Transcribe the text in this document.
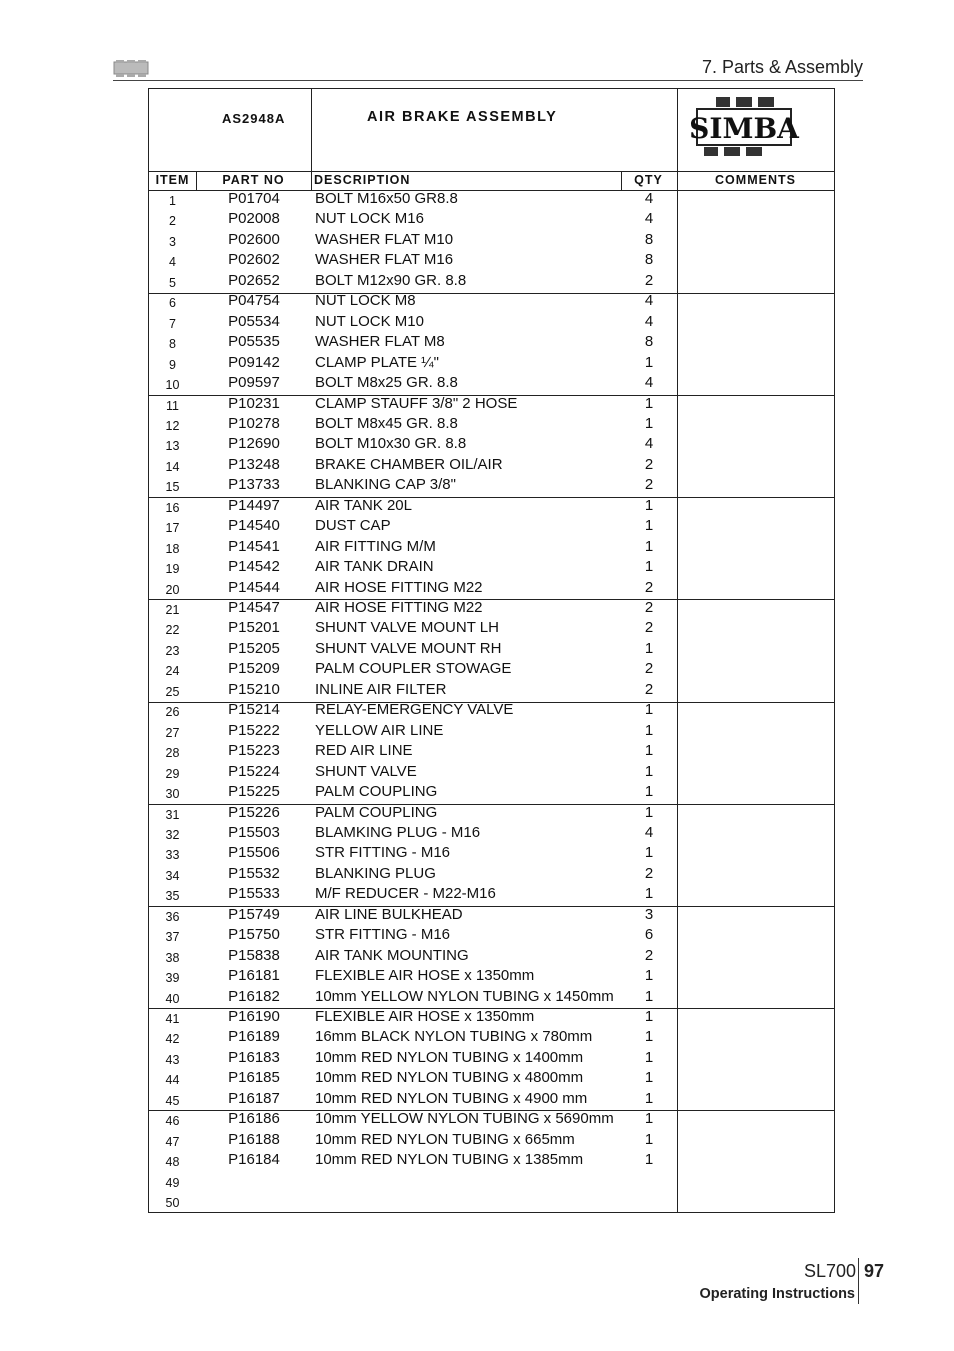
7. Parts & Assembly
AS2948A	AIR BRAKE ASSEMBLY	SIMBA
ITEM	PART NO	DESCRIPTION	QTY	COMMENTS
1	P01704	BOLT M16x50 GR8.8	4
2	P02008	NUT LOCK M16	4
3	P02600	WASHER FLAT M10	8
4	P02602	WASHER FLAT M16	8
5	P02652	BOLT M12x90 GR. 8.8	2
6	P04754	NUT LOCK M8	4
7	P05534	NUT LOCK M10	4
8	P05535	WASHER FLAT M8	8
9	P09142	CLAMP PLATE ¼"	1
10	P09597	BOLT M8x25 GR. 8.8	4
11	P10231	CLAMP STAUFF 3/8" 2 HOSE	1
12	P10278	BOLT M8x45 GR. 8.8	1
13	P12690	BOLT M10x30 GR. 8.8	4
14	P13248	BRAKE CHAMBER OIL/AIR	2
15	P13733	BLANKING CAP 3/8"	2
16	P14497	AIR TANK 20L	1
17	P14540	DUST CAP	1
18	P14541	AIR FITTING M/M	1
19	P14542	AIR TANK DRAIN	1
20	P14544	AIR HOSE FITTING M22	2
21	P14547	AIR HOSE FITTING M22	2
22	P15201	SHUNT VALVE MOUNT LH	2
23	P15205	SHUNT VALVE MOUNT RH	1
24	P15209	PALM COUPLER STOWAGE	2
25	P15210	INLINE AIR FILTER	2
26	P15214	RELAY-EMERGENCY VALVE	1
27	P15222	YELLOW AIR LINE	1
28	P15223	RED AIR LINE	1
29	P15224	SHUNT VALVE	1
30	P15225	PALM COUPLING	1
31	P15226	PALM COUPLING	1
32	P15503	BLAMKING PLUG - M16	4
33	P15506	STR FITTING - M16	1
34	P15532	BLANKING PLUG	2
35	P15533	M/F REDUCER - M22-M16	1
36	P15749	AIR LINE BULKHEAD	3
37	P15750	STR FITTING - M16	6
38	P15838	AIR TANK MOUNTING	2
39	P16181	FLEXIBLE AIR HOSE x 1350mm	1
40	P16182	10mm YELLOW NYLON TUBING x 1450mm	1
41	P16190	FLEXIBLE AIR HOSE x 1350mm	1
42	P16189	16mm BLACK NYLON TUBING x 780mm	1
43	P16183	10mm RED NYLON TUBING x 1400mm	1
44	P16185	10mm RED NYLON TUBING x 4800mm	1
45	P16187	10mm RED NYLON TUBING x 4900 mm	1
46	P16186	10mm YELLOW NYLON TUBING x 5690mm	1
47	P16188	10mm RED NYLON TUBING x 665mm	1
48	P16184	10mm RED NYLON TUBING x 1385mm	1
49
50
SL700 97
Operating Instructions
